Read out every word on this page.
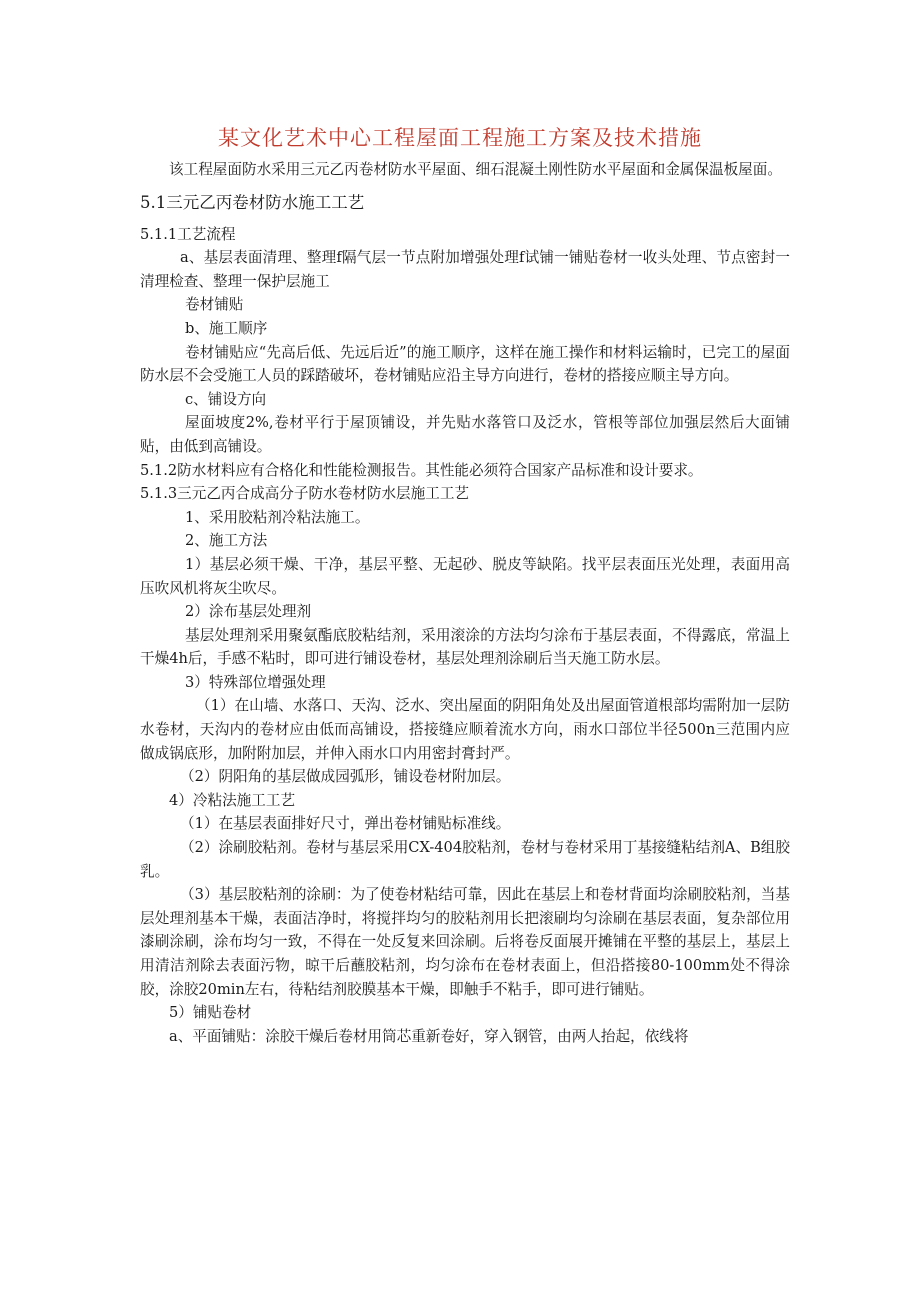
某文化艺术中心工程屋面工程施工方案及技术措施

该工程屋面防水采用三元乙丙卷材防水平屋面、细石混凝土刚性防水平屋面和金属保温板屋面。

5.1三元乙丙卷材防水施工工艺

5.1.1工艺流程

a、基层表面清理、整理f隔气层一节点附加增强处理f试铺一铺贴卷材一收头处理、节点密封一清理检查、整理一保护层施工

卷材铺贴

b、施工顺序

卷材铺贴应“先高后低、先远后近”的施工顺序，这样在施工操作和材料运输时，已完工的屋面防水层不会受施工人员的踩踏破坏，卷材铺贴应沿主导方向进行，卷材的搭接应顺主导方向。

c、铺设方向

屋面坡度2%,卷材平行于屋顶铺设，并先贴水落管口及泛水，管根等部位加强层然后大面铺贴，由低到高铺设。

5.1.2防水材料应有合格化和性能检测报告。其性能必须符合国家产品标准和设计要求。

5.1.3三元乙丙合成高分子防水卷材防水层施工工艺

1、采用胶粘剂冷粘法施工。

2、施工方法

1）基层必须干燥、干净，基层平整、无起砂、脱皮等缺陷。找平层表面压光处理，表面用高压吹风机将灰尘吹尽。

2）涂布基层处理剂

基层处理剂采用聚氨酯底胶粘结剂，采用滚涂的方法均匀涂布于基层表面，不得露底，常温上干燥4h后，手感不粘时，即可进行铺设卷材，基层处理剂涂刷后当天施工防水层。

3）特殊部位增强处理

（1）在山墙、水落口、天沟、泛水、突出屋面的阴阳角处及出屋面管道根部均需附加一层防水卷材，天沟内的卷材应由低而高铺设，搭接缝应顺着流水方向，雨水口部位半径500n三范围内应做成锅底形，加附附加层，并伸入雨水口内用密封膏封严。

（2）阴阳角的基层做成园弧形，铺设卷材附加层。

4）冷粘法施工工艺

（1）在基层表面排好尺寸，弹出卷材铺贴标准线。

（2）涂刷胶粘剂。卷材与基层采用CX-404胶粘剂，卷材与卷材采用丁基接缝粘结剂A、B组胶乳。

（3）基层胶粘剂的涂刷：为了使卷材粘结可靠，因此在基层上和卷材背面均涂刷胶粘剂，当基层处理剂基本干燥，表面洁净时，将搅拌均匀的胶粘剂用长把滚刷均匀涂刷在基层表面，复杂部位用漆刷涂刷，涂布均匀一致，不得在一处反复来回涂刷。后将卷反面展开摊铺在平整的基层上，基层上用清洁剂除去表面污物，晾干后蘸胶粘剂，均匀涂布在卷材表面上，但沿搭接80-100mm处不得涂胶，涂胶20min左右，待粘结剂胶膜基本干燥，即触手不粘手，即可进行铺贴。

5）铺贴卷材

a、平面铺贴：涂胶干燥后卷材用筒芯重新卷好，穿入钢管，由两人抬起，依线将
